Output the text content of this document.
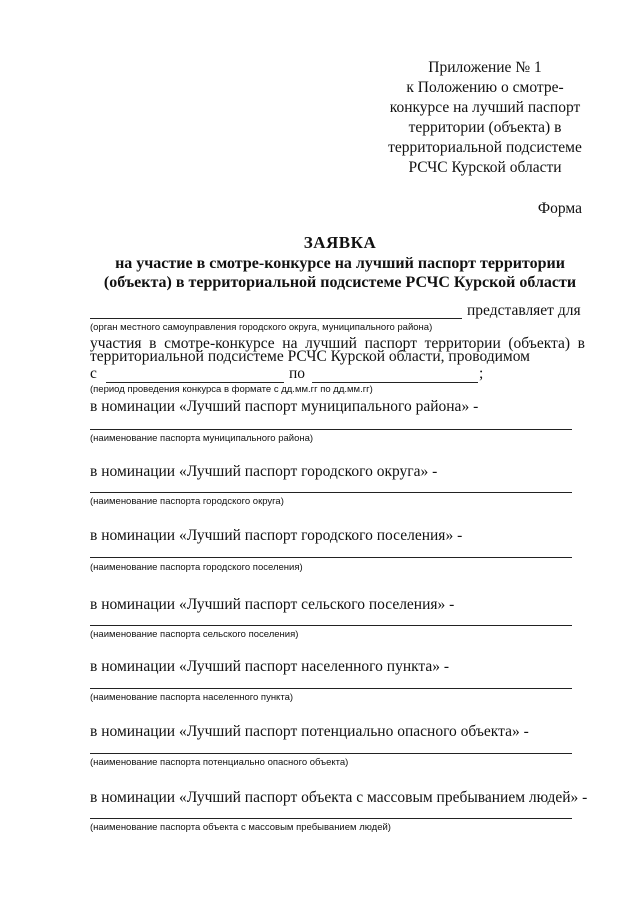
Приложение № 1
к Положению о смотре-
конкурсе на лучший паспорт
территории (объекта) в
территориальной подсистеме
РСЧС Курской области
Форма
ЗАЯВКА
на участие в смотре-конкурсе на лучший паспорт территории
(объекта) в территориальной подсистеме РСЧС Курской области
представляет для
(орган местного самоуправления городского округа, муниципального района)
участия в смотре-конкурсе на лучший паспорт территории (объекта) в
территориальной подсистеме РСЧС Курской области, проводимом
с	по	;
(период проведения конкурса в формате с дд.мм.гг по дд.мм.гг)
в номинации «Лучший паспорт муниципального района» -
(наименование паспорта муниципального района)
в номинации «Лучший паспорт городского округа» -
(наименование паспорта городского округа)
в номинации «Лучший паспорт городского поселения» -
(наименование паспорта городского поселения)
в номинации «Лучший паспорт сельского поселения» -
(наименование паспорта сельского поселения)
в номинации «Лучший паспорт населенного пункта» -
(наименование паспорта населенного пункта)
в номинации «Лучший паспорт потенциально опасного объекта» -
(наименование паспорта потенциально опасного объекта)
в номинации «Лучший паспорт объекта с массовым пребыванием людей» -
(наименование паспорта объекта с массовым пребыванием людей)
